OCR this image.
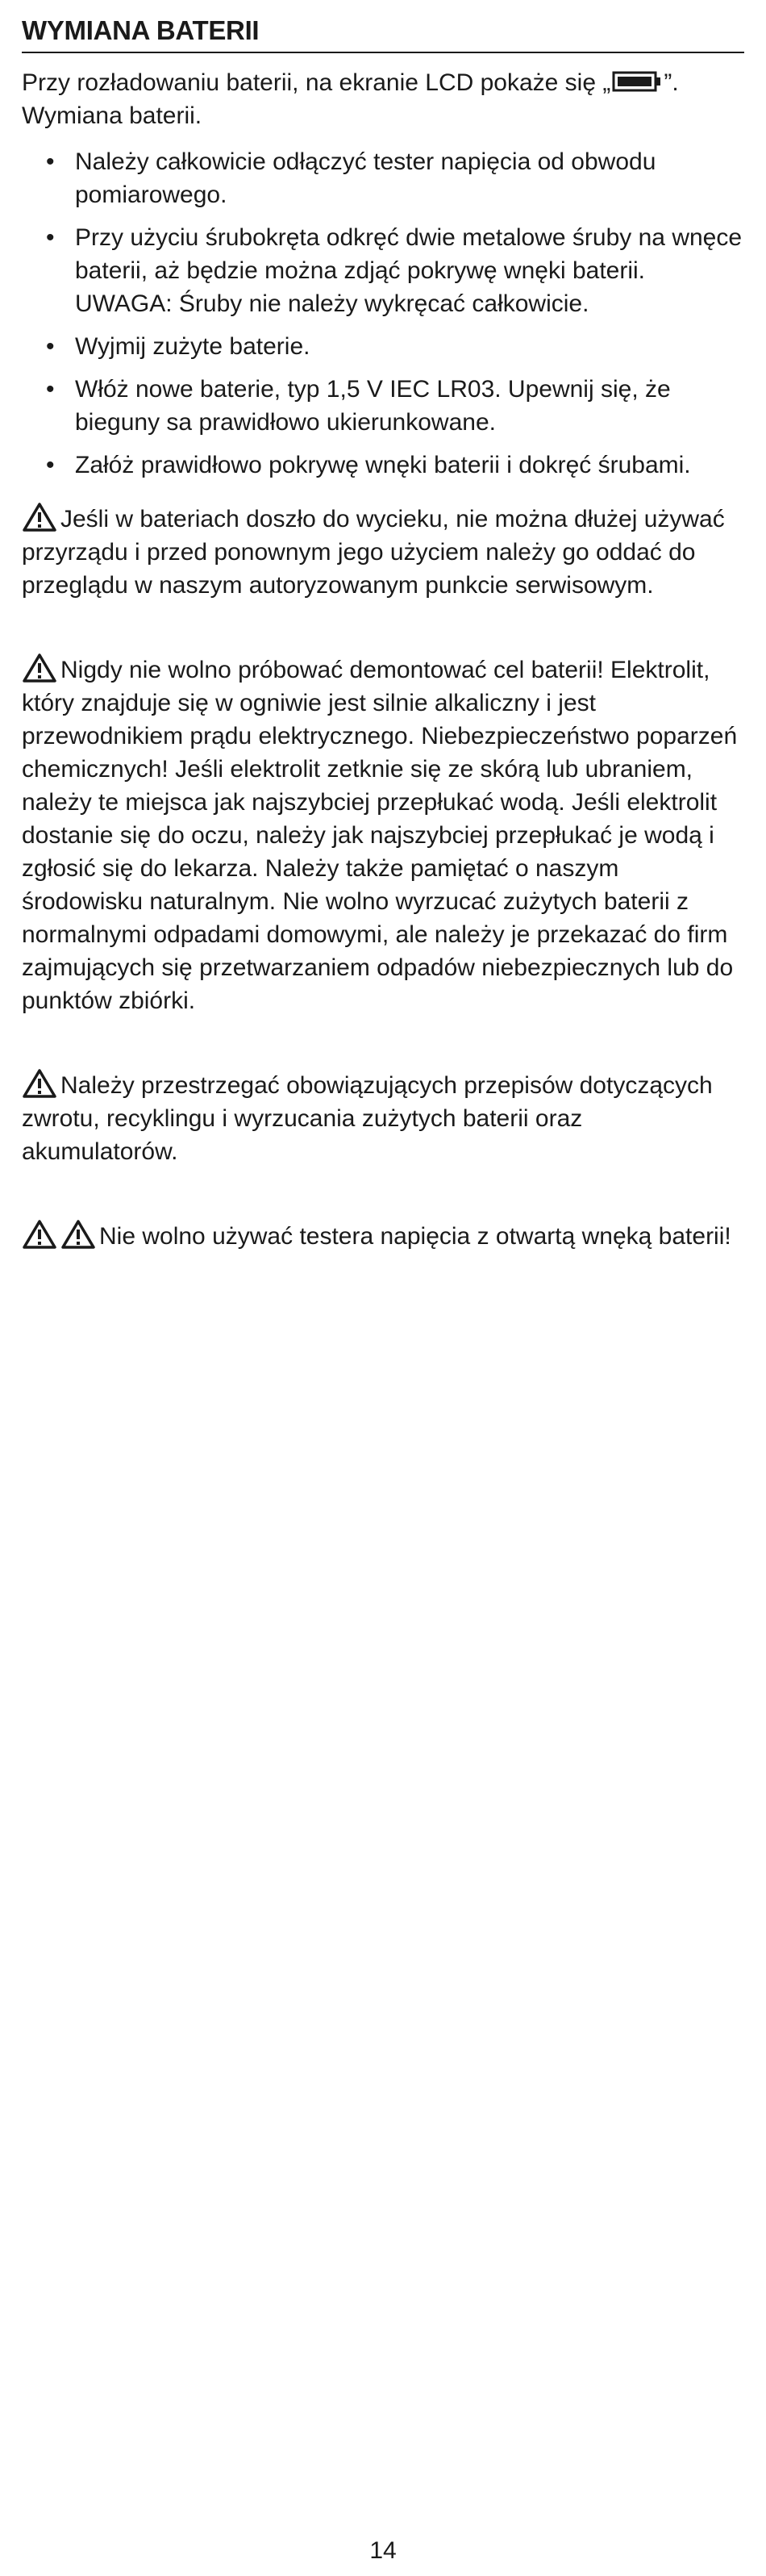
WYMIANA BATERII

Przy rozładowaniu baterii, na ekranie LCD pokaże się „ ”. Wymiana baterii.

• Należy całkowicie odłączyć tester napięcia od obwodu pomiarowego.
• Przy użyciu śrubokręta odkręć dwie metalowe śruby na wnęce baterii, aż będzie można zdjąć pokrywę wnęki baterii.
UWAGA: Śruby nie należy wykręcać całkowicie.
• Wyjmij zużyte baterie.
• Włóż nowe baterie, typ 1,5 V IEC LR03. Upewnij się, że bieguny sa prawidłowo ukierunkowane.
• Załóż prawidłowo pokrywę wnęki baterii i dokręć śrubami.

Jeśli w bateriach doszło do wycieku, nie można dłużej używać przyrządu i przed ponownym jego użyciem należy go oddać do przeglądu w naszym autoryzowanym punkcie serwisowym.

Nigdy nie wolno próbować demontować cel baterii! Elektrolit, który znajduje się w ogniwie jest silnie alkaliczny i jest przewodnikiem prądu elektrycznego. Niebezpieczeństwo poparzeń chemicznych! Jeśli elektrolit zetknie się ze skórą lub ubraniem, należy te miejsca jak najszybciej przepłukać wodą. Jeśli elektrolit dostanie się do oczu, należy jak najszybciej przepłukać je wodą i zgłosić się do lekarza. Należy także pamiętać o naszym środowisku naturalnym. Nie wolno wyrzucać zużytych baterii z normalnymi odpadami domowymi, ale należy je przekazać do firm zajmujących się przetwarzaniem odpadów niebezpiecznych lub do punktów zbiórki.

Należy przestrzegać obowiązujących przepisów dotyczących zwrotu, recyklingu i wyrzucania zużytych baterii oraz akumulatorów.

Nie wolno używać testera napięcia z otwartą wnęką baterii!

14
